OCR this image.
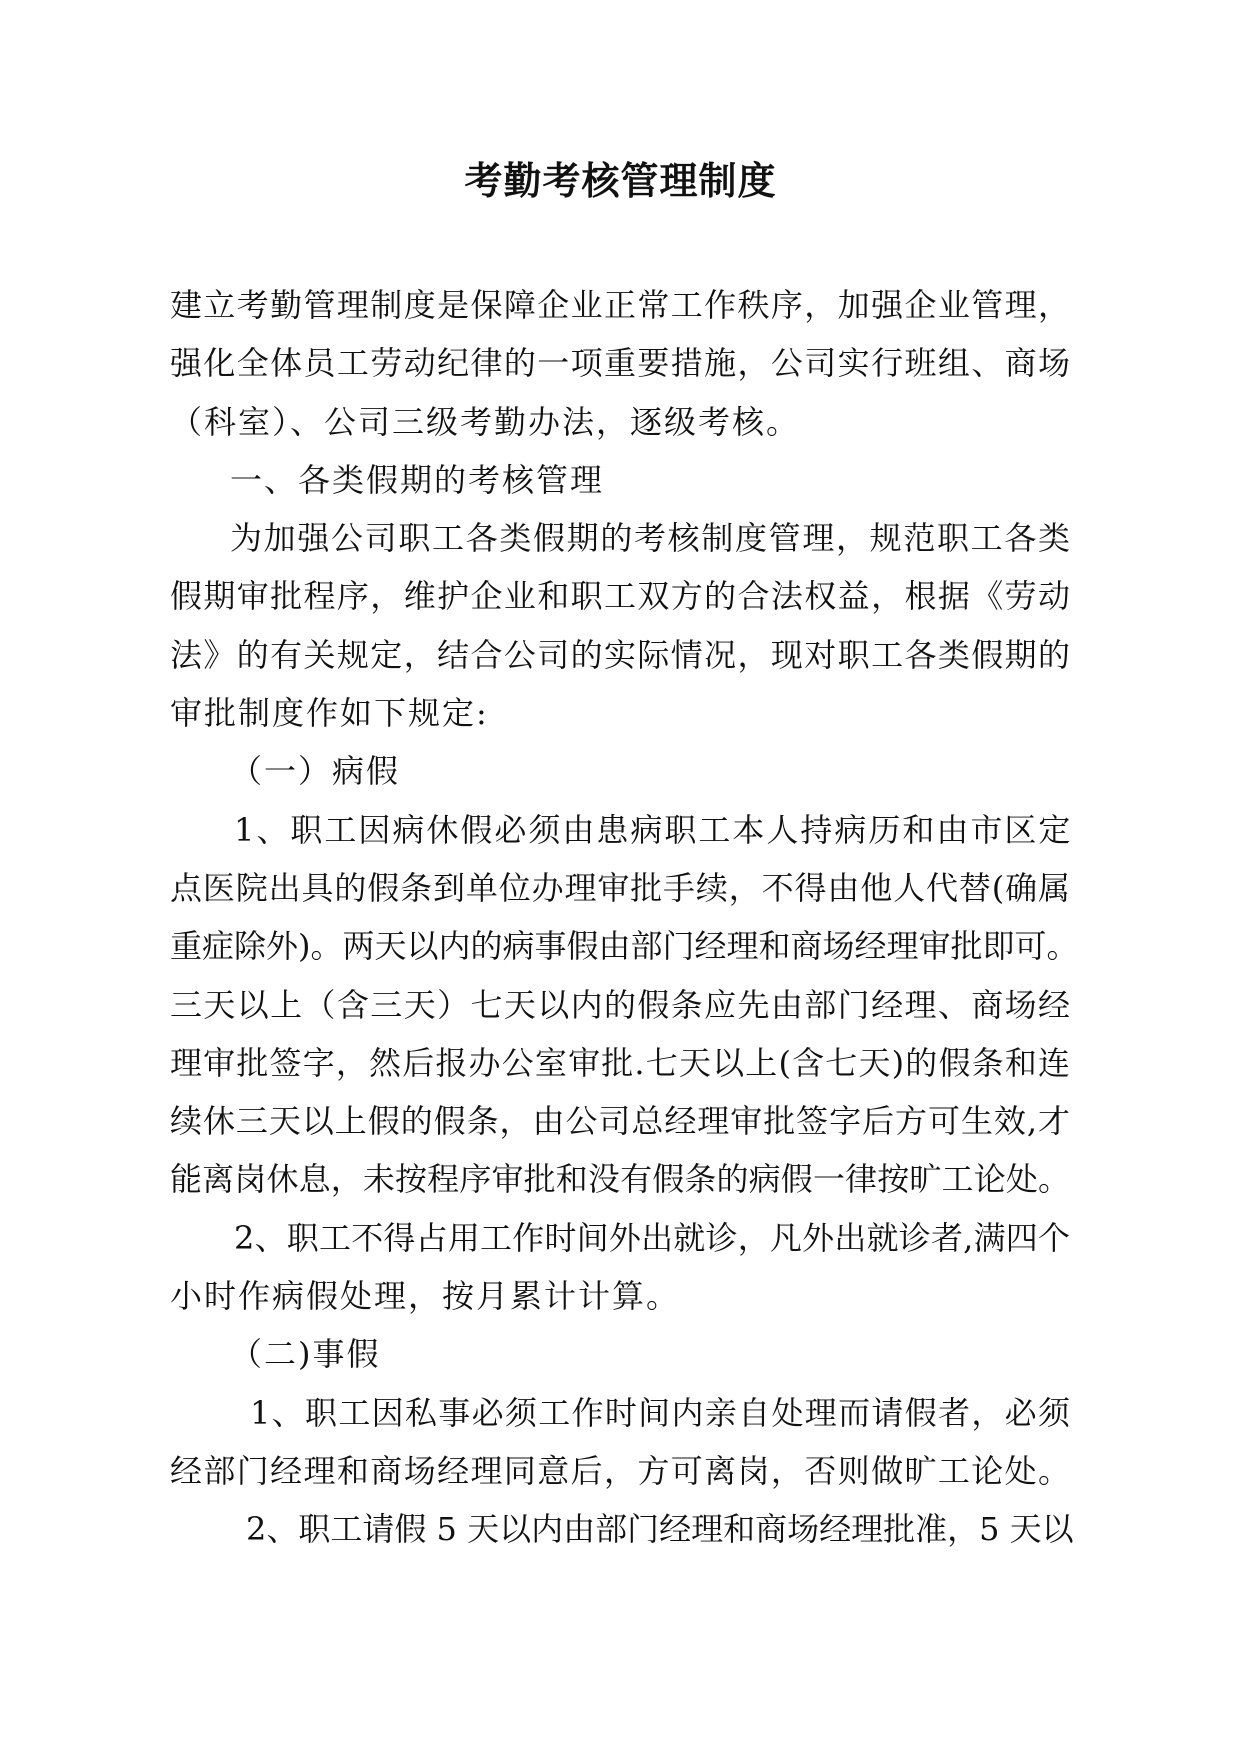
考勤考核管理制度
建立考勤管理制度是保障企业正常工作秩序，加强企业管理，
强化全体员工劳动纪律的一项重要措施，公司实行班组、商场
（科室）、公司三级考勤办法，逐级考核。
一、各类假期的考核管理
为加强公司职工各类假期的考核制度管理，规范职工各类
假期审批程序，维护企业和职工双方的合法权益，根据《劳动
法》的有关规定，结合公司的实际情况，现对职工各类假期的
审批制度作如下规定:
（一）病假
1、职工因病休假必须由患病职工本人持病历和由市区定
点医院出具的假条到单位办理审批手续，不得由他人代替(确属
重症除外)。两天以内的病事假由部门经理和商场经理审批即可。
三天以上（含三天）七天以内的假条应先由部门经理、商场经
理审批签字，然后报办公室审批.七天以上(含七天)的假条和连
续休三天以上假的假条，由公司总经理审批签字后方可生效,才
能离岗休息，未按程序审批和没有假条的病假一律按旷工论处。
2、职工不得占用工作时间外出就诊，凡外出就诊者,满四个
小时作病假处理，按月累计计算。
（二)事假
1、职工因私事必须工作时间内亲自处理而请假者，必须
经部门经理和商场经理同意后，方可离岗，否则做旷工论处。
2、职工请假 5 天以内由部门经理和商场经理批准，5 天以
